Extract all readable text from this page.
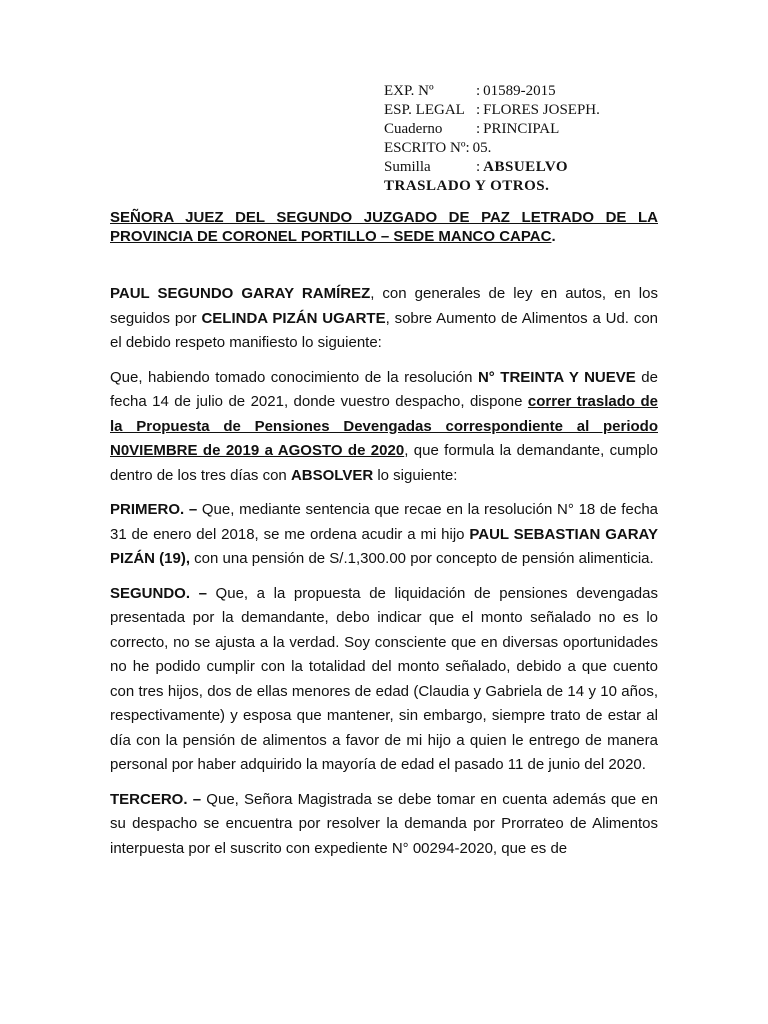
EXP. Nº	: 01589-2015
ESP. LEGAL : FLORES JOSEPH.
Cuaderno	: PRINCIPAL
ESCRITO Nº : 05.
Sumilla	: ABSUELVO
TRASLADO Y OTROS.
SEÑORA JUEZ DEL SEGUNDO JUZGADO DE PAZ LETRADO DE LA PROVINCIA DE CORONEL PORTILLO – SEDE MANCO CAPAC.

PAUL SEGUNDO GARAY RAMÍREZ, con generales de ley en autos, en los seguidos por CELINDA PIZÁN UGARTE, sobre Aumento de Alimentos a Ud. con el debido respeto manifiesto lo siguiente:

Que, habiendo tomado conocimiento de la resolución N° TREINTA Y NUEVE de fecha 14 de julio de 2021, donde vuestro despacho, dispone correr traslado de la Propuesta de Pensiones Devengadas correspondiente al periodo N0VIEMBRE de 2019 a AGOSTO de 2020, que formula la demandante, cumplo dentro de los tres días con ABSOLVER lo siguiente:

PRIMERO. – Que, mediante sentencia que recae en la resolución N° 18 de fecha 31 de enero del 2018, se me ordena acudir a mi hijo PAUL SEBASTIAN GARAY PIZÁN (19), con una pensión de S/.1,300.00 por concepto de pensión alimenticia.

SEGUNDO. – Que, a la propuesta de liquidación de pensiones devengadas presentada por la demandante, debo indicar que el monto señalado no es lo correcto, no se ajusta a la verdad. Soy consciente que en diversas oportunidades no he podido cumplir con la totalidad del monto señalado, debido a que cuento con tres hijos, dos de ellas menores de edad (Claudia y Gabriela de 14 y 10 años, respectivamente) y esposa que mantener, sin embargo, siempre trato de estar al día con la pensión de alimentos a favor de mi hijo a quien le entrego de manera personal por haber adquirido la mayoría de edad el pasado 11 de junio del 2020.

TERCERO. – Que, Señora Magistrada se debe tomar en cuenta además que en su despacho se encuentra por resolver la demanda por Prorrateo de Alimentos interpuesta por el suscrito con expediente N° 00294-2020, que es de
